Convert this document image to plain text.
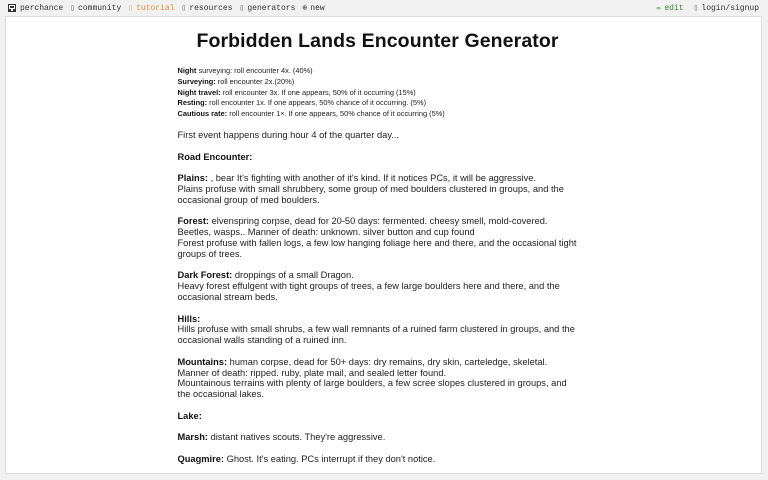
perchance ▯ community ▯ tutorial ▯ resources ▯ generators ⊕ new	✏ edit ▯ login/signup
Forbidden Lands Encounter Generator
Night surveying: roll encounter 4x. (40%)
Surveying: roll encounter 2x.(20%)
Night travel: roll encounter 3x. If one appears, 50% of it occurring (15%)
Resting: roll encounter 1x. If one appears, 50% chance of it occurring. (5%)
Cautious rate: roll encounter 1×. If one appears, 50% chance of it occurring (5%)

First event happens during hour 4 of the quarter day...

Road Encounter:

Plains: , bear It's fighting with another of it's kind. If it notices PCs, it will be aggressive.
Plains profuse with small shrubbery, some group of med boulders clustered in groups, and the occasional group of med boulders.
Forest: elvenspring corpse, dead for 20-50 days: fermented. cheesy smell, mold-covered. Beetles, wasps.. Manner of death: unknown. silver button and cup found
Forest profuse with fallen logs, a few low hanging foliage here and there, and the occasional tight groups of trees.
Dark Forest: droppings of a small Dragon.
Heavy forest effulgent with tight groups of trees, a few large boulders here and there, and the occasional stream beds.
Hills:
Hills profuse with small shrubs, a few wall remnants of a ruined farm clustered in groups, and the occasional walls standing of a ruined inn.
Mountains: human corpse, dead for 50+ days: dry remains, dry skin, carteledge, skeletal. Manner of death: ripped. ruby, plate mail, and sealed letter found.
Mountainous terrains with plenty of large boulders, a few scree slopes clustered in groups, and the occasional lakes.
Lake:
Marsh: distant natives scouts. They're aggressive.
Quagmire: Ghost. It's eating. PCs interrupt if they don't notice.
